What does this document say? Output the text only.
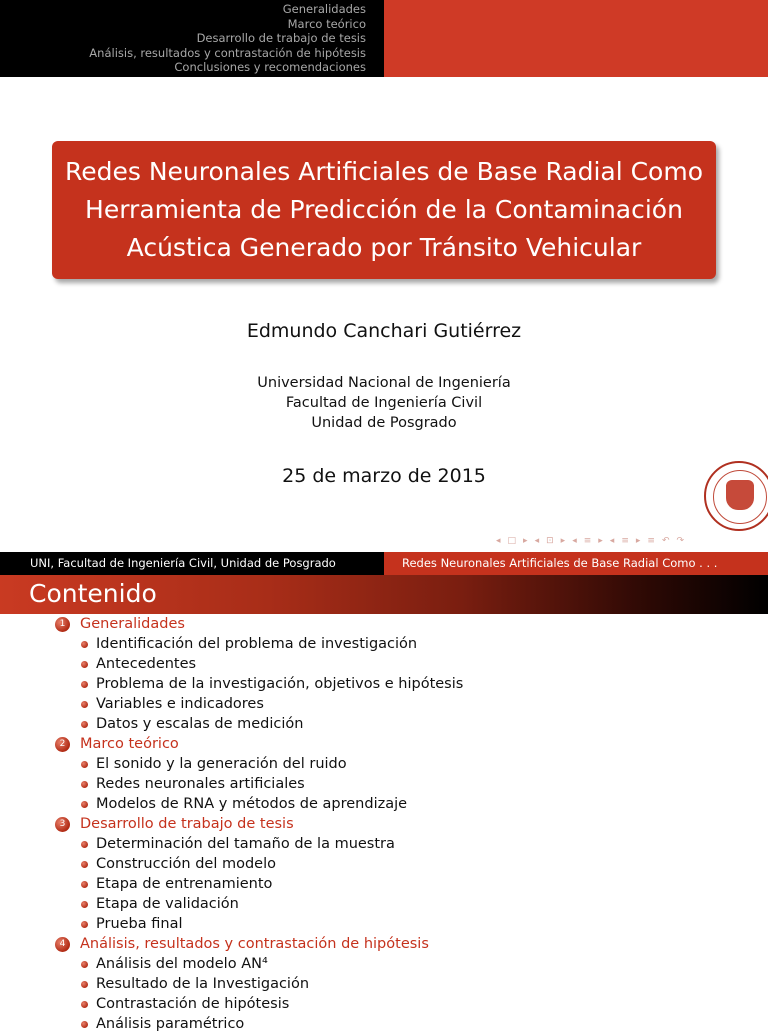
Generalidades
Marco teórico
Desarrollo de trabajo de tesis
Análisis, resultados y contrastación de hipótesis
Conclusiones y recomendaciones
Redes Neuronales Artificiales de Base Radial Como
Herramienta de Predicción de la Contaminación
Acústica Generado por Tránsito Vehicular
Edmundo Canchari Gutiérrez
Universidad Nacional de Ingeniería
Facultad de Ingeniería Civil
Unidad de Posgrado
25 de marzo de 2015
◂ □ ▸ ◂ ⊡ ▸ ◂ ≡ ▸ ◂ ≡ ▸ ≡ ↶ ↷
UNI, Facultad de Ingeniería Civil, Unidad de Posgrado	Redes Neuronales Artificiales de Base Radial Como . . .
Contenido
1	Generalidades
Identificación del problema de investigación
Antecedentes
Problema de la investigación, objetivos e hipótesis
Variables e indicadores
Datos y escalas de medición
2	Marco teórico
El sonido y la generación del ruido
Redes neuronales artificiales
Modelos de RNA y métodos de aprendizaje
3	Desarrollo de trabajo de tesis
Determinación del tamaño de la muestra
Construcción del modelo
Etapa de entrenamiento
Etapa de validación
Prueba final
4	Análisis, resultados y contrastación de hipótesis
Análisis del modelo AN⁴
Resultado de la Investigación
Contrastación de hipótesis
Análisis paramétrico
